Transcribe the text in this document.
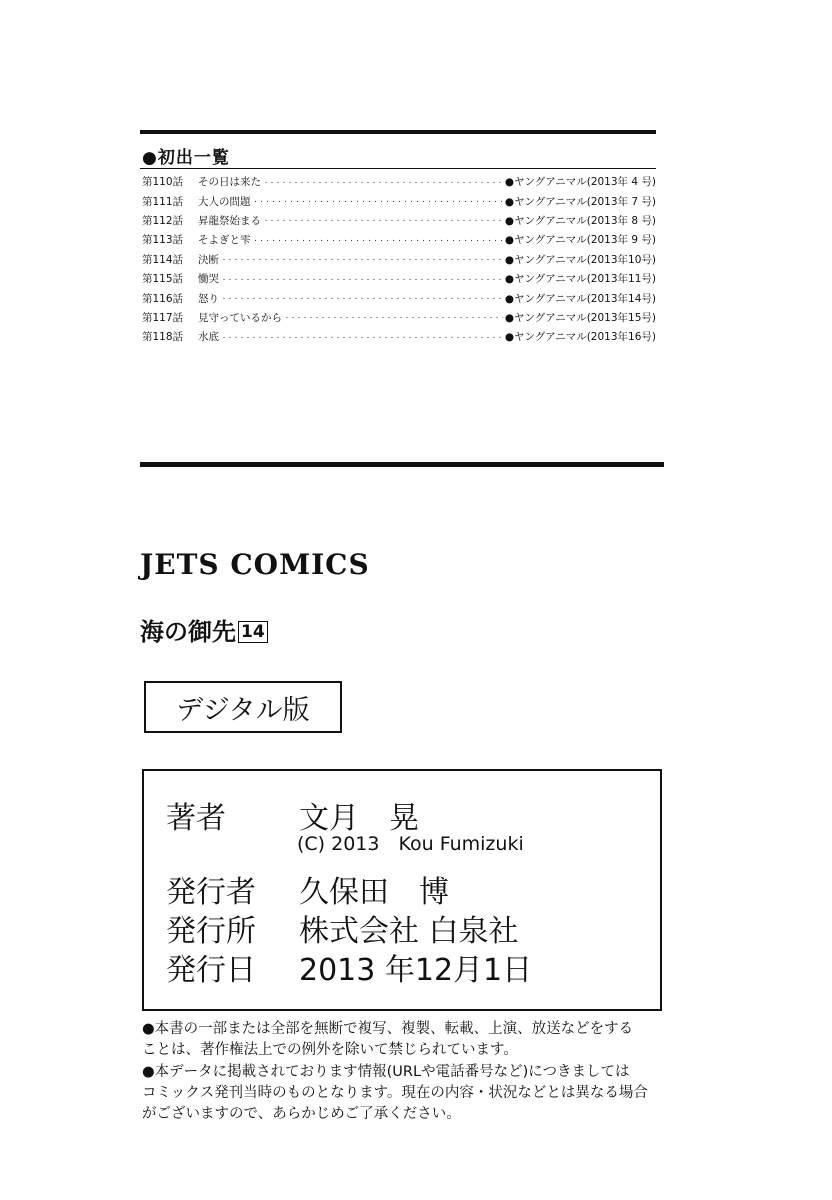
●初出一覧
第110話	その日は来た ・・・・・・・・・・・・・・・・・・・・・・・・・・・・・・・・・・・・・・・・・・・・・・・・・・・・・・・・・・・・・・・・・・・・・・・・・・・・	●ヤングアニマル(2013年 4 号)
第111話	大人の問題 ・・・・・・・・・・・・・・・・・・・・・・・・・・・・・・・・・・・・・・・・・・・・・・・・・・・・・・・・・・・・・・・・・・・・・・・・・・・・	●ヤングアニマル(2013年 7 号)
第112話	昇龍祭始まる ・・・・・・・・・・・・・・・・・・・・・・・・・・・・・・・・・・・・・・・・・・・・・・・・・・・・・・・・・・・・・・・・・・・・・・・・・・・・	●ヤングアニマル(2013年 8 号)
第113話	そよぎと雫 ・・・・・・・・・・・・・・・・・・・・・・・・・・・・・・・・・・・・・・・・・・・・・・・・・・・・・・・・・・・・・・・・・・・・・・・・・・・・	●ヤングアニマル(2013年 9 号)
第114話	決断 ・・・・・・・・・・・・・・・・・・・・・・・・・・・・・・・・・・・・・・・・・・・・・・・・・・・・・・・・・・・・・・・・・・・・・・・・・・・・	●ヤングアニマル(2013年10号)
第115話	慟哭 ・・・・・・・・・・・・・・・・・・・・・・・・・・・・・・・・・・・・・・・・・・・・・・・・・・・・・・・・・・・・・・・・・・・・・・・・・・・・	●ヤングアニマル(2013年11号)
第116話	怒り ・・・・・・・・・・・・・・・・・・・・・・・・・・・・・・・・・・・・・・・・・・・・・・・・・・・・・・・・・・・・・・・・・・・・・・・・・・・・	●ヤングアニマル(2013年14号)
第117話	見守っているから ・・・・・・・・・・・・・・・・・・・・・・・・・・・・・・・・・・・・・・・・・・・・・・・・・・・・・・・・・・・・・・・・・・・・・・・・・・・・	●ヤングアニマル(2013年15号)
第118話	水底 ・・・・・・・・・・・・・・・・・・・・・・・・・・・・・・・・・・・・・・・・・・・・・・・・・・・・・・・・・・・・・・・・・・・・・・・・・・・・	●ヤングアニマル(2013年16号)
JETS COMICS
海の御先 14
デジタル版
著者 文月　晃
(C) 2013　Kou Fumizuki
発行者 久保田　博
発行所 株式会社 白泉社
発行日 2013 年12月1日
●本書の一部または全部を無断で複写、複製、転載、上演、放送などをする
ことは、著作権法上での例外を除いて禁じられています。
●本データに掲載されております情報(URLや電話番号など)につきましては
コミックス発刊当時のものとなります。現在の内容・状況などとは異なる場合
がございますので、あらかじめご了承ください。
